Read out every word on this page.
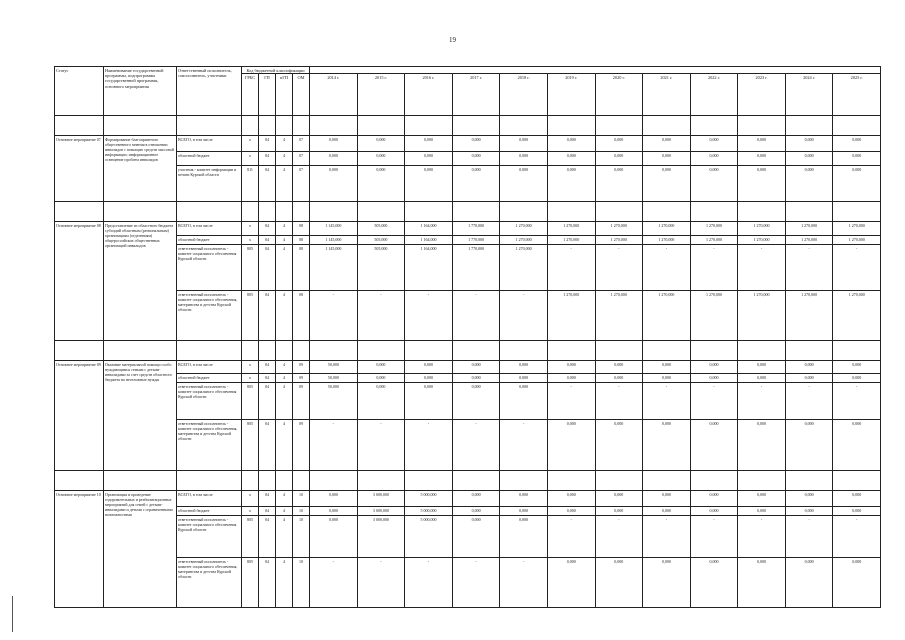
19
Статус	Наименование государственной программы, подпрограммы государственной программы, основного мероприятия	Ответственный исполнитель, соисполнитель, участники	Код бюджетной классификации															
			ГРБС	ГП	пГП	ОМ	2014 г.	2015 г.	2016 г.	2017 г.	2018 г.	2019 г.	2020 г.	2021 г.	2022 г.	2023 г.	2024 г.	2025 г.

Основное мероприятие 07	Формирование благоприятного общественного мнения в отношении инвалидов с помощью средств массовой информации; информационное освещение проблем инвалидов	ВСЕГО, в том числе	х	04	4	07	0,000	0,000	0,000	0,000	0,000	0,000	0,000	0,000	0,000	0,000	0,000	0,000
		областной бюджет	х	04	4	07	0,000	0,000	0,000	0,000	0,000	0,000	0,000	0,000	0,000	0,000	0,000	0,000
		участник - комитет информации и печати Курской области	811	04	4	07	0,000	0,000	0,000	0,000	0,000	0,000	0,000	0,000	0,000	0,000	0,000	0,000

Основное мероприятие 08	Предоставление из областного бюджета субсидий областным (региональным) организациям (отделениям) общероссийских общественных организаций инвалидов	ВСЕГО, в том числе	х	04	4	08	1 145,000	505,000	1 164,000	1 770,000	1 270,000	1 270,000	1 270,000	1 270,000	1 270,000	1 270,000	1 270,000	1 270,000
		областной бюджет	х	04	4	08	1 145,000	505,000	1 164,000	1 770,000	1 270,000	1 270,000	1 270,000	1 270,000	1 270,000	1 270,000	1 270,000	1 270,000
		ответственный исполнитель - комитет социального обеспечения Курской области	805	04	4	08	1 145,000	505,000	1 164,000	1 770,000	1 270,000	-	-	-	-	-	-	-
		ответственный исполнитель - комитет социального обеспечения, материнства и детства Курской области	805	04	4	08	-	-	-	-	-	1 270,000	1 270,000	1 270,000	1 270,000	1 270,000	1 270,000	1 270,000

Основное мероприятие 09	Оказание материальной помощи особо нуждающимся семьям с детьми-инвалидами за счет средств областного бюджета на неотложные нужды	ВСЕГО, в том числе	х	04	4	09	50,000	0,000	0,000	0,000	0,000	0,000	0,000	0,000	0,000	0,000	0,000	0,000
		областной бюджет	х	04	4	09	50,000	0,000	0,000	0,000	0,000	0,000	0,000	0,000	0,000	0,000	0,000	0,000
		ответственный исполнитель - комитет социального обеспечения Курской области	805	04	4	09	50,000	0,000	0,000	0,000	0,000	-	-	-	-	-	-	-
		ответственный исполнитель - комитет социального обеспечения, материнства и детства Курской области	805	04	4	09	-	-	-	-	-	0,000	0,000	0,000	0,000	0,000	0,000	0,000

Основное мероприятие 10	Организация и проведение оздоровительных и реабилитационных мероприятий для семей с детьми-инвалидами и детьми с ограниченными возможностями	ВСЕГО, в том числе	х	04	4	10	0,000	3 000,000	5 000,000	0,000	0,000	0,000	0,000	0,000	0,000	0,000	0,000	0,000
		областной бюджет	х	04	4	10	0,000	3 000,000	5 000,000	0,000	0,000	0,000	0,000	0,000	0,000	0,000	0,000	0,000
		ответственный исполнитель - комитет социального обеспечения Курской области	805	04	4	10	0,000	3 000,000	5 000,000	0,000	0,000	-	-	-	-	-	-	-
		ответственный исполнитель - комитет социального обеспечения, материнства и детства Курской области	805	04	4	10	-	-	-	-	-	0,000	0,000	0,000	0,000	0,000	0,000	0,000
